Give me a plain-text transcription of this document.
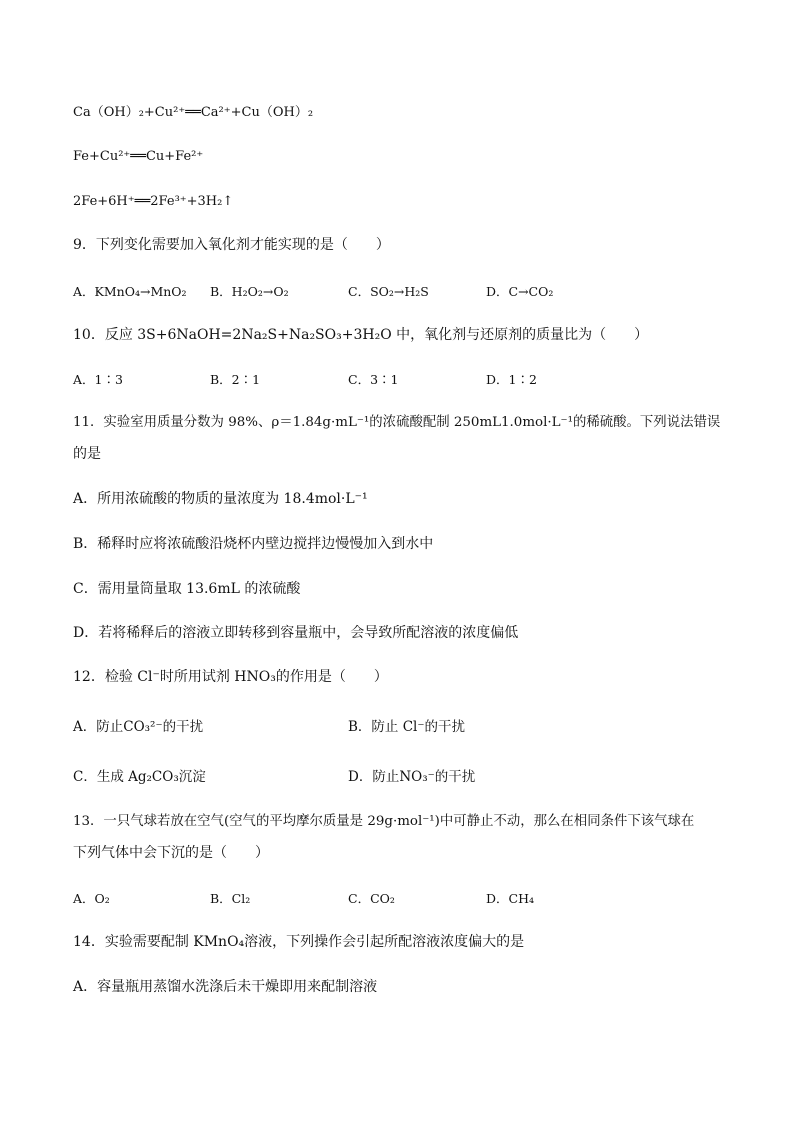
Ca（OH）₂+Cu²⁺══Ca²⁺+Cu（OH）₂
Fe+Cu²⁺══Cu+Fe²⁺
2Fe+6H⁺══2Fe³⁺+3H₂↑
9．下列变化需要加入氧化剂才能实现的是（　　）
A．KMnO₄→MnO₂ B．H₂O₂→O₂	C．SO₂→H₂S	D．C→CO₂
10．反应 3S+6NaOH=2Na₂S+Na₂SO₃+3H₂O 中，氧化剂与还原剂的质量比为（　　）
A．1∶3	B．2∶1	C．3∶1	D．1∶2
11．实验室用质量分数为 98%、ρ＝1.84g·mL⁻¹的浓硫酸配制 250mL1.0mol·L⁻¹的稀硫酸。下列说法错误
的是
A．所用浓硫酸的物质的量浓度为 18.4mol·L⁻¹
B．稀释时应将浓硫酸沿烧杯内壁边搅拌边慢慢加入到水中
C．需用量筒量取 13.6mL 的浓硫酸
D．若将稀释后的溶液立即转移到容量瓶中，会导致所配溶液的浓度偏低
12．检验 Cl⁻时所用试剂 HNO₃的作用是（　　）
A．防止CO₃²⁻的干扰	B．防止 Cl⁻的干扰
C．生成 Ag₂CO₃沉淀	D．防止NO₃⁻的干扰
13．一只气球若放在空气(空气的平均摩尔质量是 29g·mol⁻¹)中可静止不动，那么在相同条件下该气球在
下列气体中会下沉的是（　　）
A．O₂	B．Cl₂	C．CO₂	D．CH₄
14．实验需要配制 KMnO₄溶液，下列操作会引起所配溶液浓度偏大的是
A．容量瓶用蒸馏水洗涤后未干燥即用来配制溶液
